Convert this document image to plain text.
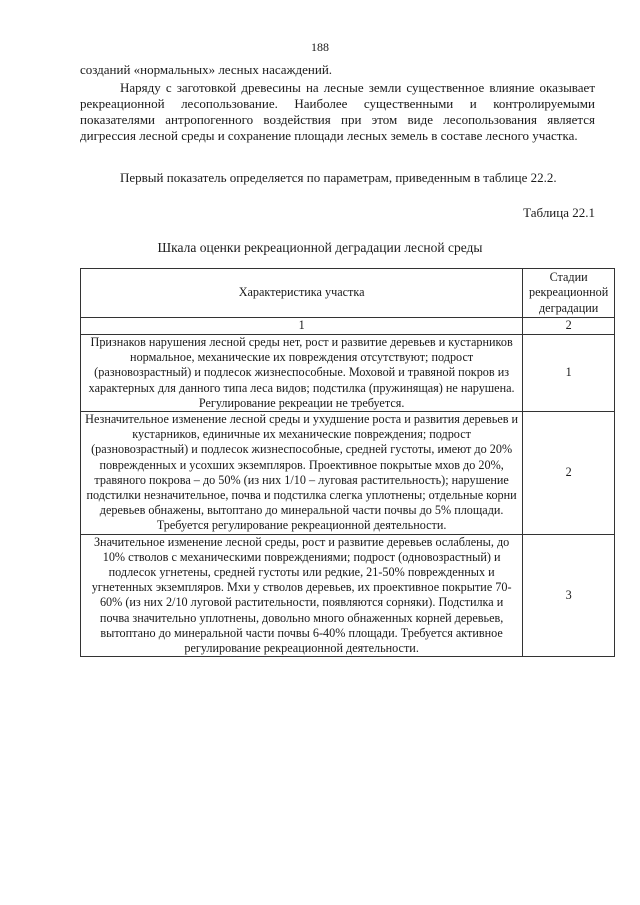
188
созданий «нормальных» лесных насаждений.
Наряду с заготовкой древесины на лесные земли существенное влияние оказывает рекреационной лесопользование. Наиболее существенными и контролируемыми показателями антропогенного воздействия при этом виде лесопользования является дигрессия лесной среды и сохранение площади лесных земель в составе лесного участка.
Первый показатель определяется по параметрам, приведенным в таблице 22.2.
Таблица 22.1
Шкала оценки рекреационной деградации лесной среды
Характеристика участка	Стадии рекреационной деградации
1	2
Признаков нарушения лесной среды нет, рост и развитие деревьев и кустарников нормальное, механические их повреждения отсутствуют; подрост (разновозрастный) и подлесок жизнеспособные. Моховой и травяной покров из характерных для данного типа леса видов; подстилка (пружинящая) не нарушена. Регулирование рекреации не требуется.	1
Незначительное изменение лесной среды и ухудшение роста и развития деревьев и кустарников, единичные их механические повреждения; подрост (разновозрастный) и подлесок жизнеспособные, средней густоты, имеют до 20% поврежденных и усохших экземпляров. Проективное покрытые мхов до 20%, травяного покрова – до 50% (из них 1/10 – луговая растительность); нарушение подстилки незначительное, почва и подстилка слегка уплотнены; отдельные корни деревьев обнажены, вытоптано до минеральной части почвы до 5% площади. Требуется регулирование рекреационной деятельности.	2
Значительное изменение лесной среды, рост и развитие деревьев ослаблены, до 10% стволов с механическими повреждениями; подрост (одновозрастный) и подлесок угнетены, средней густоты или редкие, 21-50% поврежденных и угнетенных экземпляров. Мхи у стволов деревьев, их проективное покрытие 70-60% (из них 2/10 луговой растительности, появляются сорняки). Подстилка и почва значительно уплотнены, довольно много обнаженных корней деревьев, вытоптано до минеральной части почвы 6-40% площади. Требуется активное регулирование рекреационной деятельности.	3
